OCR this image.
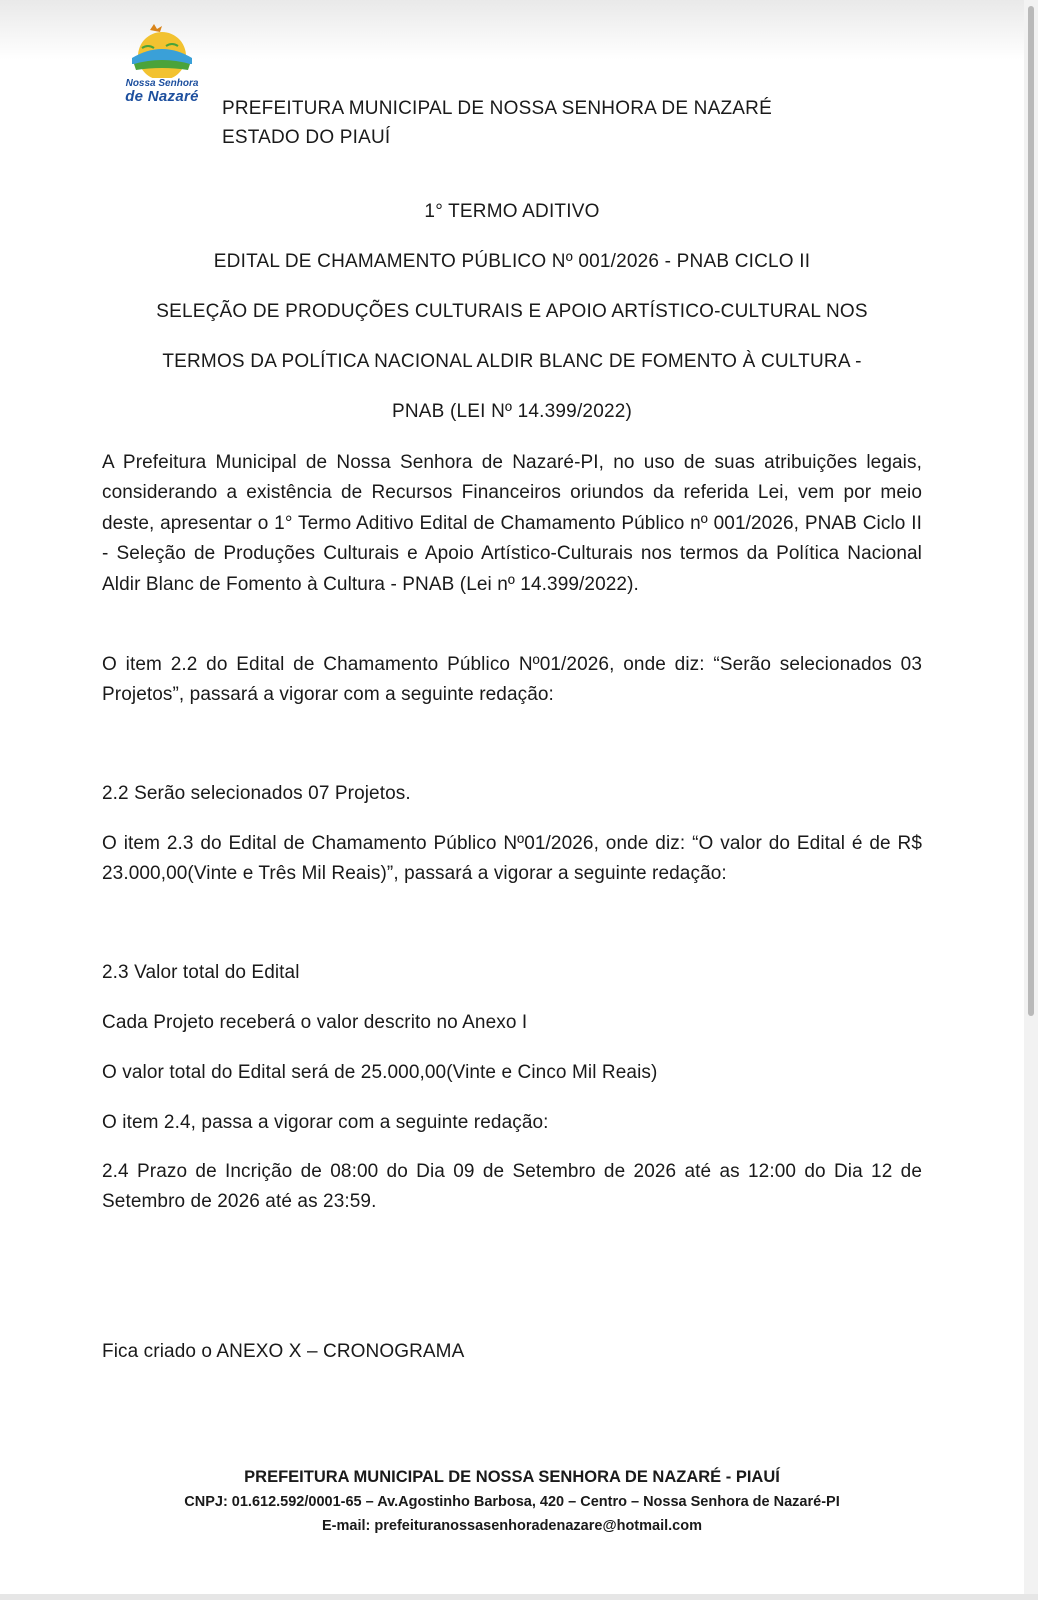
Nossa Senhora
de Nazaré
PREFEITURA MUNICIPAL DE NOSSA SENHORA DE NAZARÉ
ESTADO DO PIAUÍ
1° TERMO ADITIVO
EDITAL DE CHAMAMENTO PÚBLICO Nº 001/2026 - PNAB CICLO II
SELEÇÃO DE PRODUÇÕES CULTURAIS E APOIO ARTÍSTICO-CULTURAL NOS
TERMOS DA POLÍTICA NACIONAL ALDIR BLANC DE FOMENTO À CULTURA -
PNAB (LEI Nº 14.399/2022)
A Prefeitura Municipal de Nossa Senhora de Nazaré-PI, no uso de suas atribuições legais, considerando a existência de Recursos Financeiros oriundos da referida Lei, vem por meio deste, apresentar o 1° Termo Aditivo Edital de Chamamento Público nº 001/2026, PNAB Ciclo II - Seleção de Produções Culturais e Apoio Artístico-Culturais nos termos da Política Nacional Aldir Blanc de Fomento à Cultura - PNAB (Lei nº 14.399/2022).
O item 2.2 do Edital de Chamamento Público Nº01/2026, onde diz: “Serão selecionados 03 Projetos”, passará a vigorar com a seguinte redação:
2.2 Serão selecionados 07 Projetos.
O item 2.3 do Edital de Chamamento Público Nº01/2026, onde diz: “O valor do Edital é de R$ 23.000,00(Vinte e Três Mil Reais)”, passará a vigorar a seguinte redação:
2.3 Valor total do Edital
Cada Projeto receberá o valor descrito no Anexo I
O valor total do Edital será de 25.000,00(Vinte e Cinco Mil Reais)
O item 2.4, passa a vigorar com a seguinte redação:
2.4 Prazo de Incrição de 08:00 do Dia 09 de Setembro de 2026 até as 12:00 do Dia 12 de Setembro de 2026 até as 23:59.
Fica criado o ANEXO X – CRONOGRAMA
PREFEITURA MUNICIPAL DE NOSSA SENHORA DE NAZARÉ - PIAUÍ
CNPJ: 01.612.592/0001-65 – Av.Agostinho Barbosa, 420 – Centro – Nossa Senhora de Nazaré-PI
E-mail: prefeituranossasenhoradenazare@hotmail.com
